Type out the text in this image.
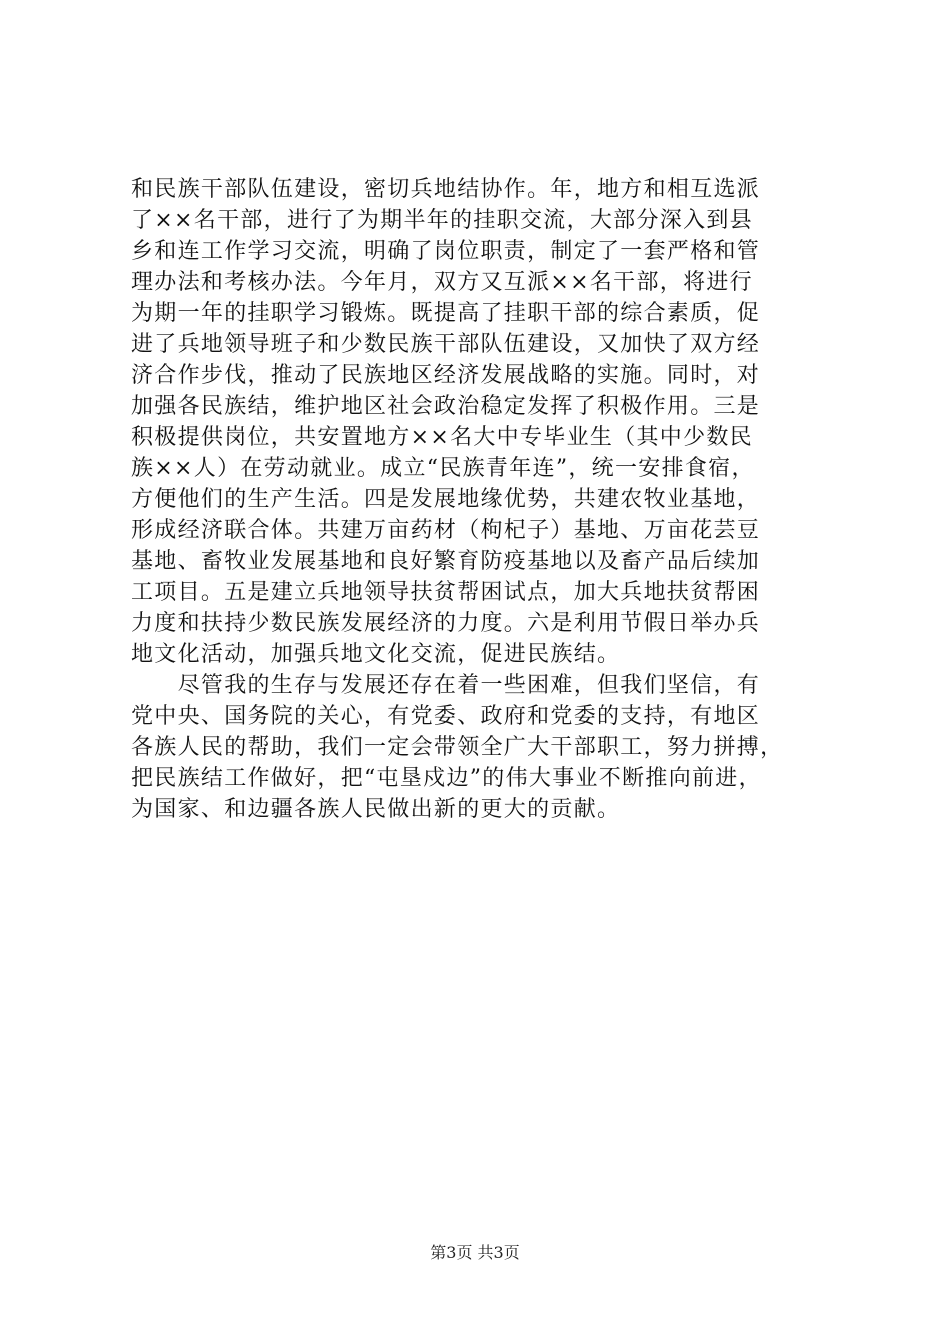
和民族干部队伍建设，密切兵地结协作。年，地方和相互选派
了××名干部，进行了为期半年的挂职交流，大部分深入到县
乡和连工作学习交流，明确了岗位职责，制定了一套严格和管
理办法和考核办法。今年月，双方又互派××名干部，将进行
为期一年的挂职学习锻炼。既提高了挂职干部的综合素质，促
进了兵地领导班子和少数民族干部队伍建设，又加快了双方经
济合作步伐，推动了民族地区经济发展战略的实施。同时，对
加强各民族结，维护地区社会政治稳定发挥了积极作用。三是
积极提供岗位，共安置地方××名大中专毕业生（其中少数民
族××人）在劳动就业。成立“民族青年连”，统一安排食宿，
方便他们的生产生活。四是发展地缘优势，共建农牧业基地，
形成经济联合体。共建万亩药材（枸杞子）基地、万亩花芸豆
基地、畜牧业发展基地和良好繁育防疫基地以及畜产品后续加
工项目。五是建立兵地领导扶贫帮困试点，加大兵地扶贫帮困
力度和扶持少数民族发展经济的力度。六是利用节假日举办兵
地文化活动，加强兵地文化交流，促进民族结。
　　尽管我的生存与发展还存在着一些困难，但我们坚信，有
党中央、国务院的关心，有党委、政府和党委的支持，有地区
各族人民的帮助，我们一定会带领全广大干部职工，努力拼搏，
把民族结工作做好，把“屯垦戍边”的伟大事业不断推向前进，
为国家、和边疆各族人民做出新的更大的贡献。
第3页 共3页
